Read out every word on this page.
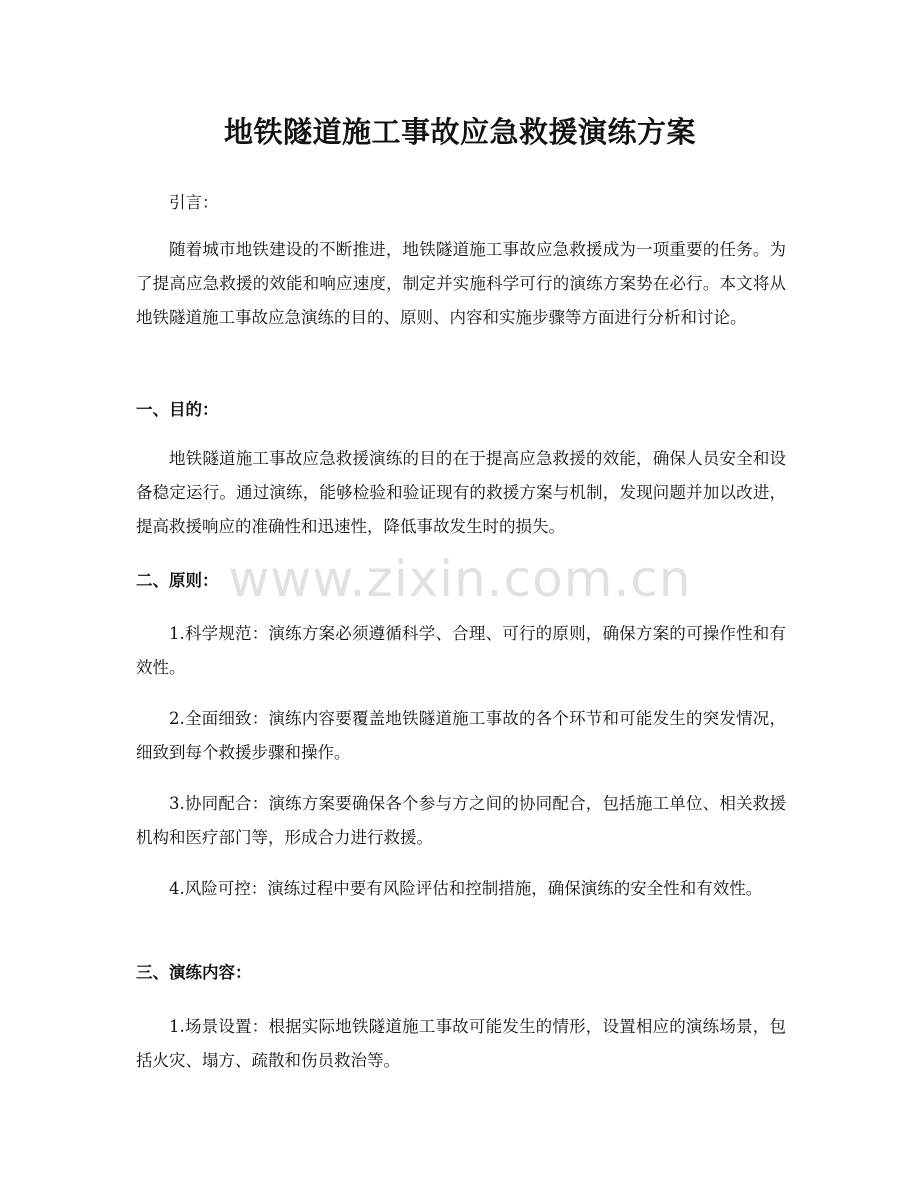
地铁隧道施工事故应急救援演练方案

引言：

随着城市地铁建设的不断推进，地铁隧道施工事故应急救援成为一项重要的任务。为了提高应急救援的效能和响应速度，制定并实施科学可行的演练方案势在必行。本文将从地铁隧道施工事故应急演练的目的、原则、内容和实施步骤等方面进行分析和讨论。

一、目的：

地铁隧道施工事故应急救援演练的目的在于提高应急救援的效能，确保人员安全和设备稳定运行。通过演练，能够检验和验证现有的救援方案与机制，发现问题并加以改进，提高救援响应的准确性和迅速性，降低事故发生时的损失。

二、原则：

1.科学规范：演练方案必须遵循科学、合理、可行的原则，确保方案的可操作性和有效性。

2.全面细致：演练内容要覆盖地铁隧道施工事故的各个环节和可能发生的突发情况，细致到每个救援步骤和操作。

3.协同配合：演练方案要确保各个参与方之间的协同配合，包括施工单位、相关救援机构和医疗部门等，形成合力进行救援。

4.风险可控：演练过程中要有风险评估和控制措施，确保演练的安全性和有效性。

三、演练内容：

1.场景设置：根据实际地铁隧道施工事故可能发生的情形，设置相应的演练场景，包括火灾、塌方、疏散和伤员救治等。

www.zixin.com.cn
